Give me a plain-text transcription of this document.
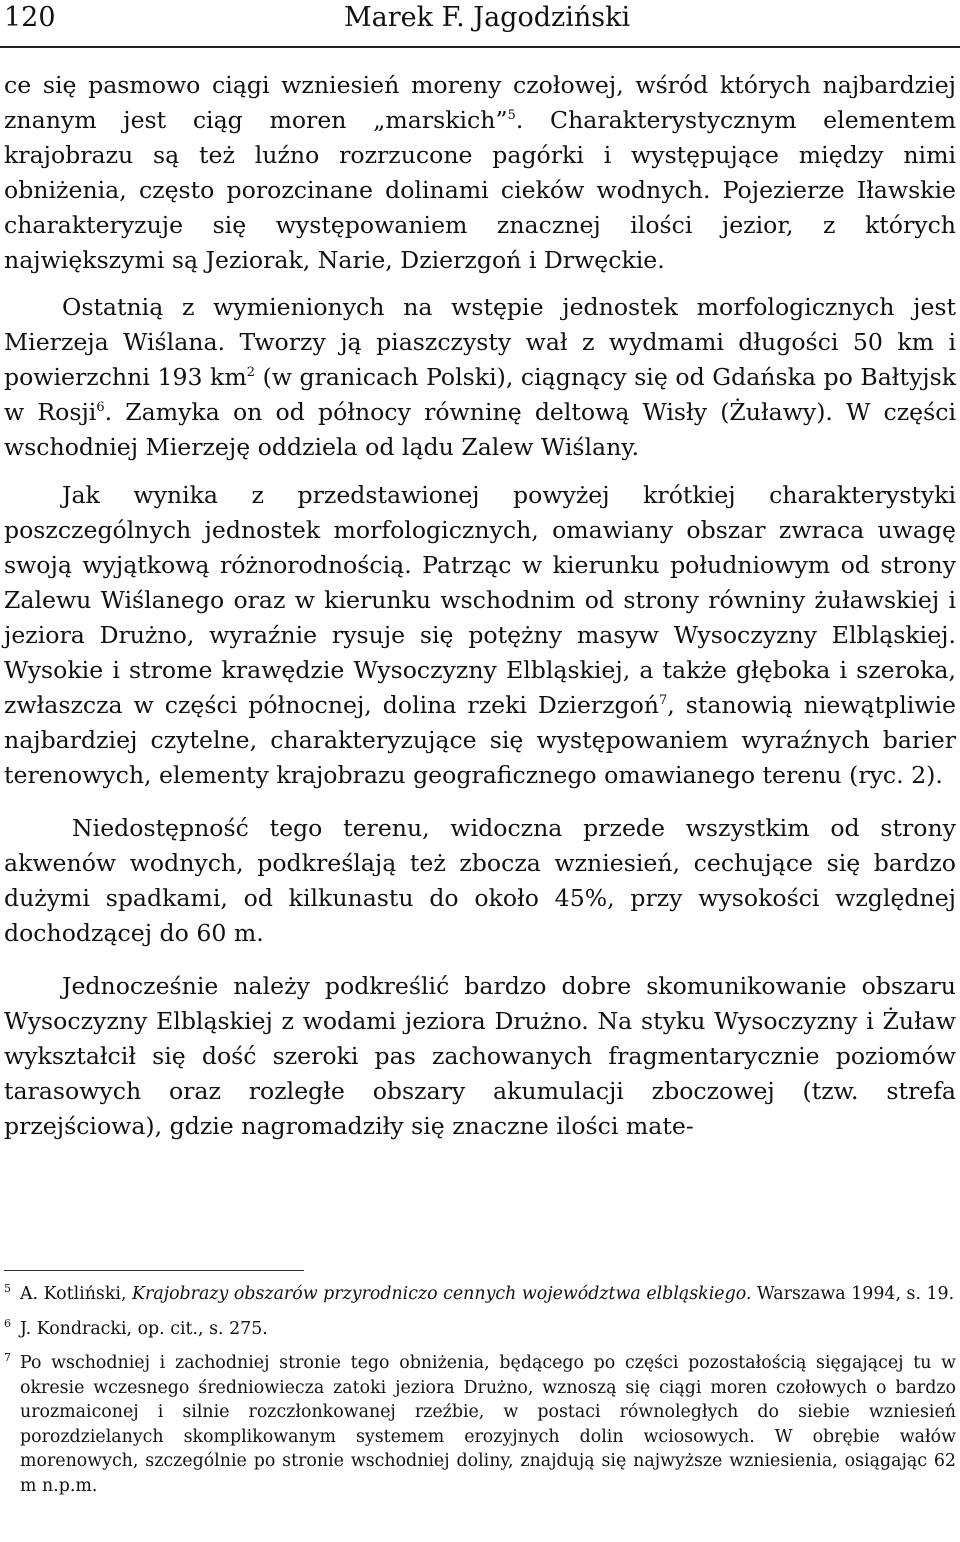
120	Marek F. Jagodziński

ce się pasmowo ciągi wzniesień moreny czołowej, wśród których najbardziej znanym jest ciąg moren „marskich”$^5$. Charakterystycznym elementem krajobrazu są też luźno rozrzucone pagórki i występujące między nimi obniżenia, często porozcinane dolinami cieków wodnych. Pojezierze Iławskie charakteryzuje się występowaniem znacznej ilości jezior, z których największymi są Jeziorak, Narie, Dzierzgoń i Drwęckie.

Ostatnią z wymienionych na wstępie jednostek morfologicznych jest Mierzeja Wiślana. Tworzy ją piaszczysty wał z wydmami długości 50 km i powierzchni 193 $km^2$ (w granicach Polski), ciągnący się od Gdańska po Bałtyjsk w Rosji$^6$. Zamyka on od północy równinę deltową Wisły (Żuławy). W części wschodniej Mierzeję oddziela od lądu Zalew Wiślany.

Jak wynika z przedstawionej powyżej krótkiej charakterystyki poszczególnych jednostek morfologicznych, omawiany obszar zwraca uwagę swoją wyjątkową różnorodnością. Patrząc w kierunku południowym od strony Zalewu Wiślanego oraz w kierunku wschodnim od strony równiny żuławskiej i jeziora Drużno, wyraźnie rysuje się potężny masyw Wysoczyzny Elbląskiej. Wysokie i strome krawędzie Wysoczyzny Elbląskiej, a także głęboka i szeroka, zwłaszcza w części północnej, dolina rzeki Dzierzgoń$^7$, stanowią niewątpliwie najbardziej czytelne, charakteryzujące się występowaniem wyraźnych barier terenowych, elementy krajobrazu geograficznego omawianego terenu (ryc. 2).

Niedostępność tego terenu, widoczna przede wszystkim od strony akwenów wodnych, podkreślają też zbocza wzniesień, cechujące się bardzo dużymi spadkami, od kilkunastu do około 45%, przy wysokości względnej dochodzącej do 60 m.

Jednocześnie należy podkreślić bardzo dobre skomunikowanie obszaru Wysoczyzny Elbląskiej z wodami jeziora Drużno. Na styku Wysoczyzny i Żuław wykształcił się dość szeroki pas zachowanych fragmentarycznie poziomów tarasowych oraz rozległe obszary akumulacji zboczowej (tzw. strefa przejściowa), gdzie nagromadziły się znaczne ilości mate-

5 A. Kotliński, Krajobrazy obszarów przyrodniczo cennych województwa elbląskiego. Warszawa 1994, s. 19.

6 J. Kondracki, op. cit., s. 275.

7 Po wschodniej i zachodniej stronie tego obniżenia, będącego po części pozostałością sięgającej tu w okresie wczesnego średniowiecza zatoki jeziora Drużno, wznoszą się ciągi moren czołowych o bardzo urozmaiconej i silnie rozczłonkowanej rzeźbie, w postaci równoległych do siebie wzniesień porozdzielanych skomplikowanym systemem erozyjnych dolin wciosowych. W obrębie wałów morenowych, szczególnie po stronie wschodniej doliny, znajdują się najwyższe wzniesienia, osiągając 62 m n.p.m.
